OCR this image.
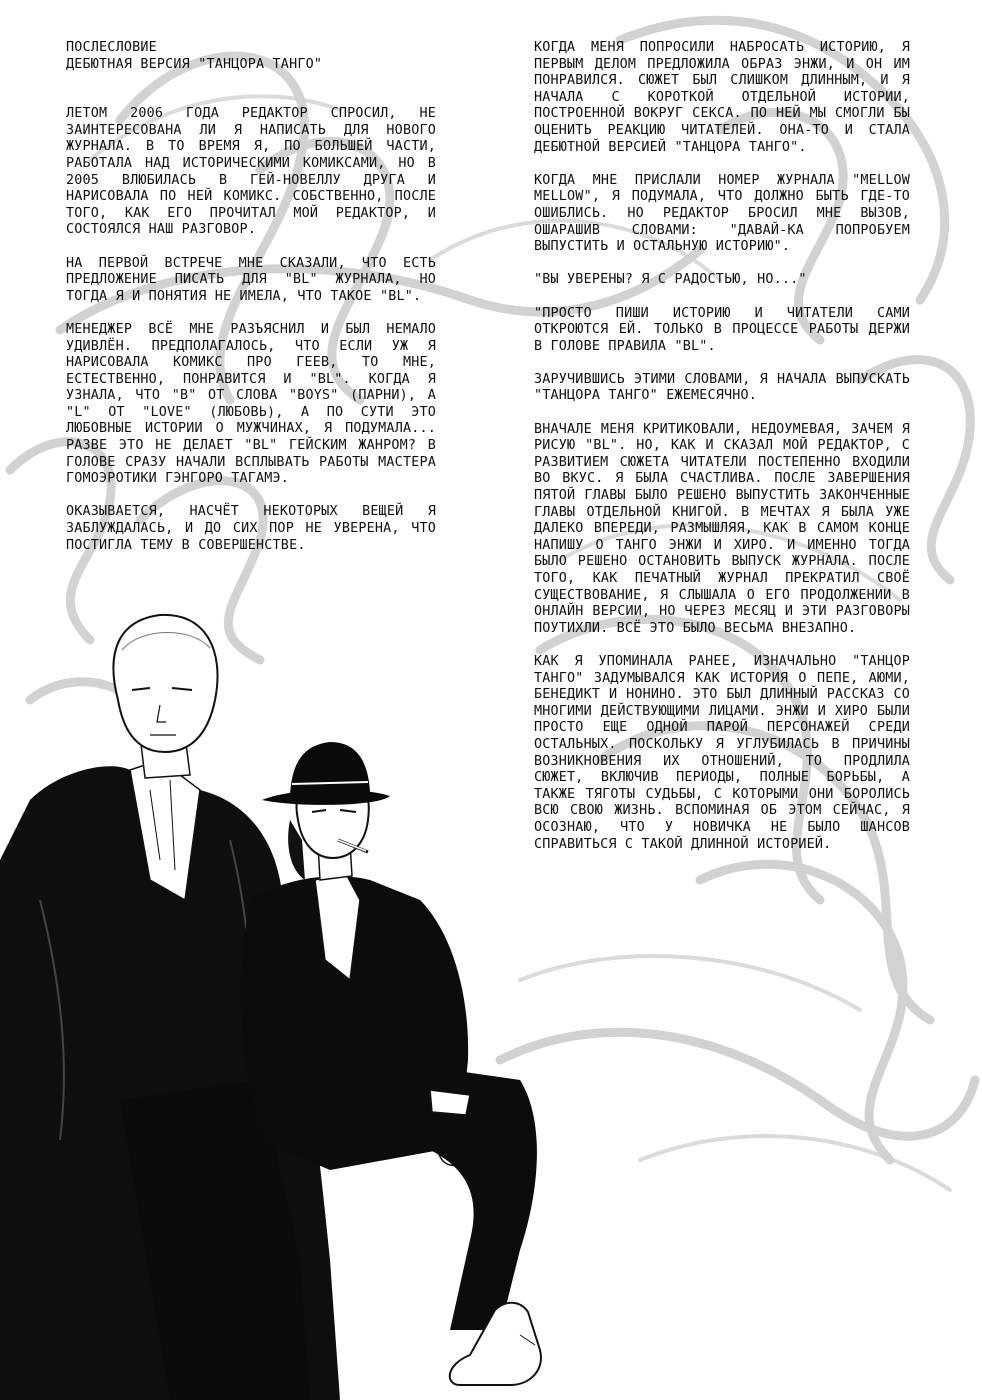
ПОСЛЕСЛОВИЕ
ДЕБЮТНАЯ ВЕРСИЯ "ТАНЦОРА ТАНГО"

ЛЕТОМ 2006 ГОДА РЕДАКТОР СПРОСИЛ, НЕ ЗАИНТЕРЕСОВАНА ЛИ Я НАПИСАТЬ ДЛЯ НОВОГО ЖУРНАЛА. В ТО ВРЕМЯ Я, ПО БОЛЬШЕЙ ЧАСТИ, РАБОТАЛА НАД ИСТОРИЧЕСКИМИ КОМИКСАМИ, НО В 2005 ВЛЮБИЛАСЬ В ГЕЙ-НОВЕЛЛУ ДРУГА И НАРИСОВАЛА ПО НЕЙ КОМИКС. СОБСТВЕННО, ПОСЛЕ ТОГО, КАК ЕГО ПРОЧИТАЛ МОЙ РЕДАКТОР, И СОСТОЯЛСЯ НАШ РАЗГОВОР.

НА ПЕРВОЙ ВСТРЕЧЕ МНЕ СКАЗАЛИ, ЧТО ЕСТЬ ПРЕДЛОЖЕНИЕ ПИСАТЬ ДЛЯ "BL" ЖУРНАЛА, НО ТОГДА Я И ПОНЯТИЯ НЕ ИМЕЛА, ЧТО ТАКОЕ "BL".

МЕНЕДЖЕР ВСЁ МНЕ РАЗЪЯСНИЛ И БЫЛ НЕМАЛО УДИВЛЁН. ПРЕДПОЛАГАЛОСЬ, ЧТО ЕСЛИ УЖ Я НАРИСОВАЛА КОМИКС ПРО ГЕЕВ, ТО МНЕ, ЕСТЕСТВЕННО, ПОНРАВИТСЯ И "BL". КОГДА Я УЗНАЛА, ЧТО "B" ОТ СЛОВА "BOYS" (ПАРНИ), А "L" ОТ "LOVE" (ЛЮБОВЬ), А ПО СУТИ ЭТО ЛЮБОВНЫЕ ИСТОРИИ О МУЖЧИНАХ, Я ПОДУМАЛА... РАЗВЕ ЭТО НЕ ДЕЛАЕТ "BL" ГЕЙСКИМ ЖАНРОМ? В ГОЛОВЕ СРАЗУ НАЧАЛИ ВСПЛЫВАТЬ РАБОТЫ МАСТЕРА ГОМОЭРОТИКИ ГЭНГОРО ТАГАМЭ.

ОКАЗЫВАЕТСЯ, НАСЧЁТ НЕКОТОРЫХ ВЕЩЕЙ Я ЗАБЛУЖДАЛАСЬ, И ДО СИХ ПОР НЕ УВЕРЕНА, ЧТО ПОСТИГЛА ТЕМУ В СОВЕРШЕНСТВЕ.

КОГДА МЕНЯ ПОПРОСИЛИ НАБРОСАТЬ ИСТОРИЮ, Я ПЕРВЫМ ДЕЛОМ ПРЕДЛОЖИЛА ОБРАЗ ЭНЖИ, И ОН ИМ ПОНРАВИЛСЯ. СЮЖЕТ БЫЛ СЛИШКОМ ДЛИННЫМ, И Я НАЧАЛА С КОРОТКОЙ ОТДЕЛЬНОЙ ИСТОРИИ, ПОСТРОЕННОЙ ВОКРУГ СЕКСА. ПО НЕЙ МЫ СМОГЛИ БЫ ОЦЕНИТЬ РЕАКЦИЮ ЧИТАТЕЛЕЙ. ОНА-ТО И СТАЛА ДЕБЮТНОЙ ВЕРСИЕЙ "ТАНЦОРА ТАНГО".

КОГДА МНЕ ПРИСЛАЛИ НОМЕР ЖУРНАЛА "MELLOW MELLOW", Я ПОДУМАЛА, ЧТО ДОЛЖНО БЫТЬ ГДЕ-ТО ОШИБЛИСЬ. НО РЕДАКТОР БРОСИЛ МНЕ ВЫЗОВ, ОШАРАШИВ СЛОВАМИ: "ДАВАЙ-КА ПОПРОБУЕМ ВЫПУСТИТЬ И ОСТАЛЬНУЮ ИСТОРИЮ".

"ВЫ УВЕРЕНЫ? Я С РАДОСТЬЮ, НО..."

"ПРОСТО ПИШИ ИСТОРИЮ И ЧИТАТЕЛИ САМИ ОТКРОЮТСЯ ЕЙ. ТОЛЬКО В ПРОЦЕССЕ РАБОТЫ ДЕРЖИ В ГОЛОВЕ ПРАВИЛА "BL".

ЗАРУЧИВШИСЬ ЭТИМИ СЛОВАМИ, Я НАЧАЛА ВЫПУСКАТЬ "ТАНЦОРА ТАНГО" ЕЖЕМЕСЯЧНО.

ВНАЧАЛЕ МЕНЯ КРИТИКОВАЛИ, НЕДОУМЕВАЯ, ЗАЧЕМ Я РИСУЮ "BL". НО, КАК И СКАЗАЛ МОЙ РЕДАКТОР, С РАЗВИТИЕМ СЮЖЕТА ЧИТАТЕЛИ ПОСТЕПЕННО ВХОДИЛИ ВО ВКУС. Я БЫЛА СЧАСТЛИВА. ПОСЛЕ ЗАВЕРШЕНИЯ ПЯТОЙ ГЛАВЫ БЫЛО РЕШЕНО ВЫПУСТИТЬ ЗАКОНЧЕННЫЕ ГЛАВЫ ОТДЕЛЬНОЙ КНИГОЙ. В МЕЧТАХ Я БЫЛА УЖЕ ДАЛЕКО ВПЕРЕДИ, РАЗМЫШЛЯЯ, КАК В САМОМ КОНЦЕ НАПИШУ О ТАНГО ЭНЖИ И ХИРО. И ИМЕННО ТОГДА БЫЛО РЕШЕНО ОСТАНОВИТЬ ВЫПУСК ЖУРНАЛА. ПОСЛЕ ТОГО, КАК ПЕЧАТНЫЙ ЖУРНАЛ ПРЕКРАТИЛ СВОЁ СУЩЕСТВОВАНИЕ, Я СЛЫШАЛА О ЕГО ПРОДОЛЖЕНИИ В ОНЛАЙН ВЕРСИИ, НО ЧЕРЕЗ МЕСЯЦ И ЭТИ РАЗГОВОРЫ ПОУТИХЛИ. ВСЁ ЭТО БЫЛО ВЕСЬМА ВНЕЗАПНО.

КАК Я УПОМИНАЛА РАНЕЕ, ИЗНАЧАЛЬНО "ТАНЦОР ТАНГО" ЗАДУМЫВАЛСЯ КАК ИСТОРИЯ О ПЕПЕ, АЮМИ, БЕНЕДИКТ И НОНИНО. ЭТО БЫЛ ДЛИННЫЙ РАССКАЗ СО МНОГИМИ ДЕЙСТВУЮЩИМИ ЛИЦАМИ. ЭНЖИ И ХИРО БЫЛИ ПРОСТО ЕЩЕ ОДНОЙ ПАРОЙ ПЕРСОНАЖЕЙ СРЕДИ ОСТАЛЬНЫХ. ПОСКОЛЬКУ Я УГЛУБИЛАСЬ В ПРИЧИНЫ ВОЗНИКНОВЕНИЯ ИХ ОТНОШЕНИЙ, ТО ПРОДЛИЛА СЮЖЕТ, ВКЛЮЧИВ ПЕРИОДЫ, ПОЛНЫЕ БОРЬБЫ, А ТАКЖЕ ТЯГОТЫ СУДЬБЫ, С КОТОРЫМИ ОНИ БОРОЛИСЬ ВСЮ СВОЮ ЖИЗНЬ. ВСПОМИНАЯ ОБ ЭТОМ СЕЙЧАС, Я ОСОЗНАЮ, ЧТО У НОВИЧКА НЕ БЫЛО ШАНСОВ СПРАВИТЬСЯ С ТАКОЙ ДЛИННОЙ ИСТОРИЕЙ.
